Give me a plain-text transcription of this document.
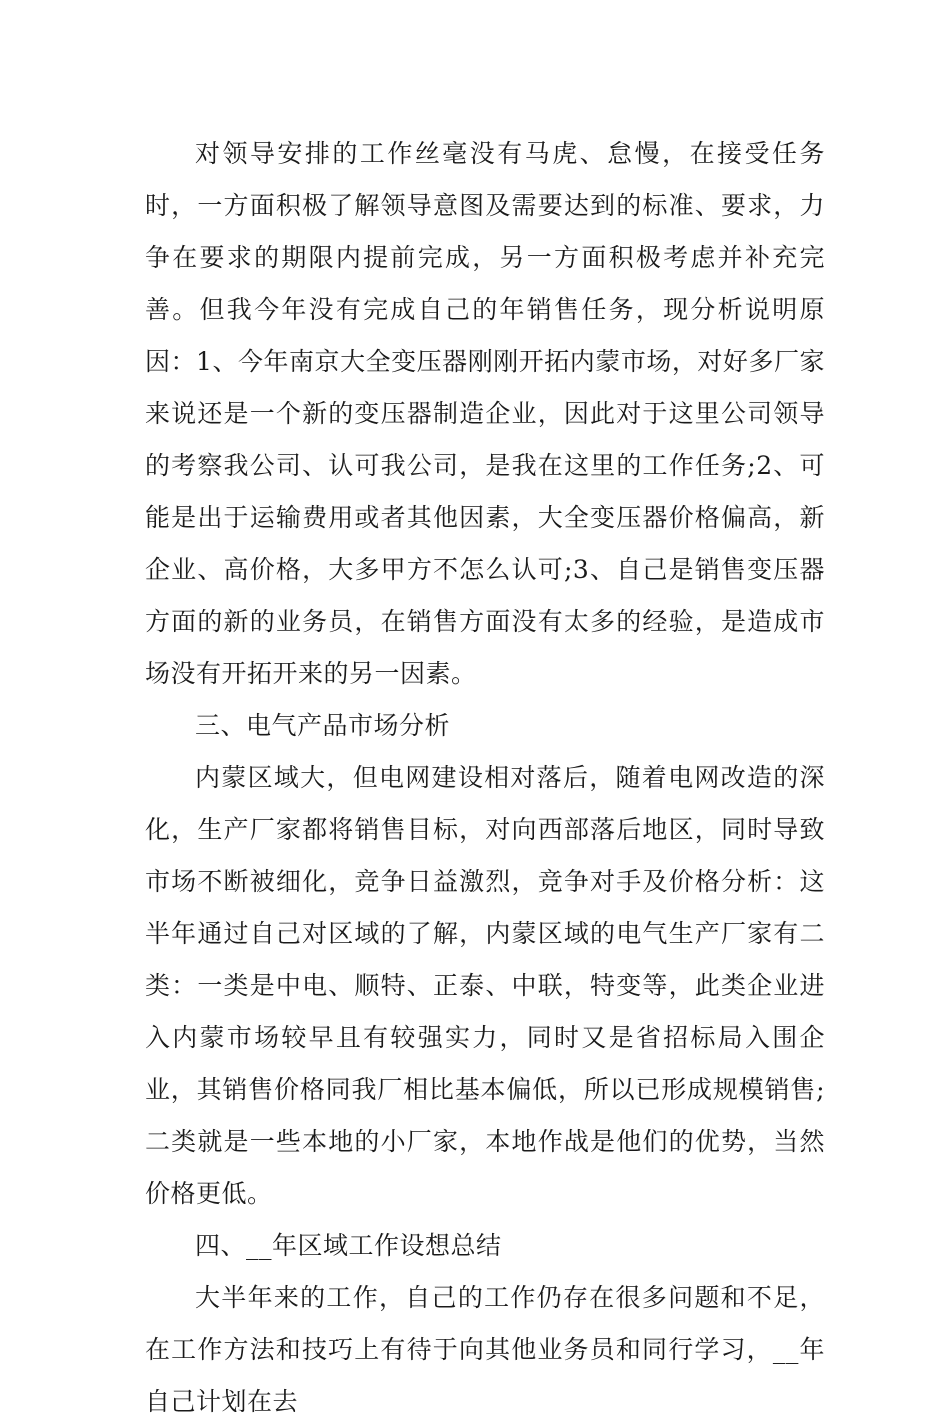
对领导安排的工作丝毫没有马虎、怠慢，在接受任务时，一方面积极了解领导意图及需要达到的标准、要求，力争在要求的期限内提前完成，另一方面积极考虑并补充完善。但我今年没有完成自己的年销售任务，现分析说明原因：1、今年南京大全变压器刚刚开拓内蒙市场，对好多厂家来说还是一个新的变压器制造企业，因此对于这里公司领导的考察我公司、认可我公司，是我在这里的工作任务;2、可能是出于运输费用或者其他因素，大全变压器价格偏高，新企业、高价格，大多甲方不怎么认可;3、自己是销售变压器方面的新的业务员，在销售方面没有太多的经验，是造成市场没有开拓开来的另一因素。

三、电气产品市场分析

内蒙区域大，但电网建设相对落后，随着电网改造的深化，生产厂家都将销售目标，对向西部落后地区，同时导致市场不断被细化，竞争日益激烈，竞争对手及价格分析：这半年通过自己对区域的了解，内蒙区域的电气生产厂家有二类：一类是中电、顺特、正泰、中联，特变等，此类企业进入内蒙市场较早且有较强实力，同时又是省招标局入围企业，其销售价格同我厂相比基本偏低，所以已形成规模销售;二类就是一些本地的小厂家，本地作战是他们的优势，当然价格更低。

四、__年区域工作设想总结

大半年来的工作，自己的工作仍存在很多问题和不足，在工作方法和技巧上有待于向其他业务员和同行学习，__年自己计划在去
